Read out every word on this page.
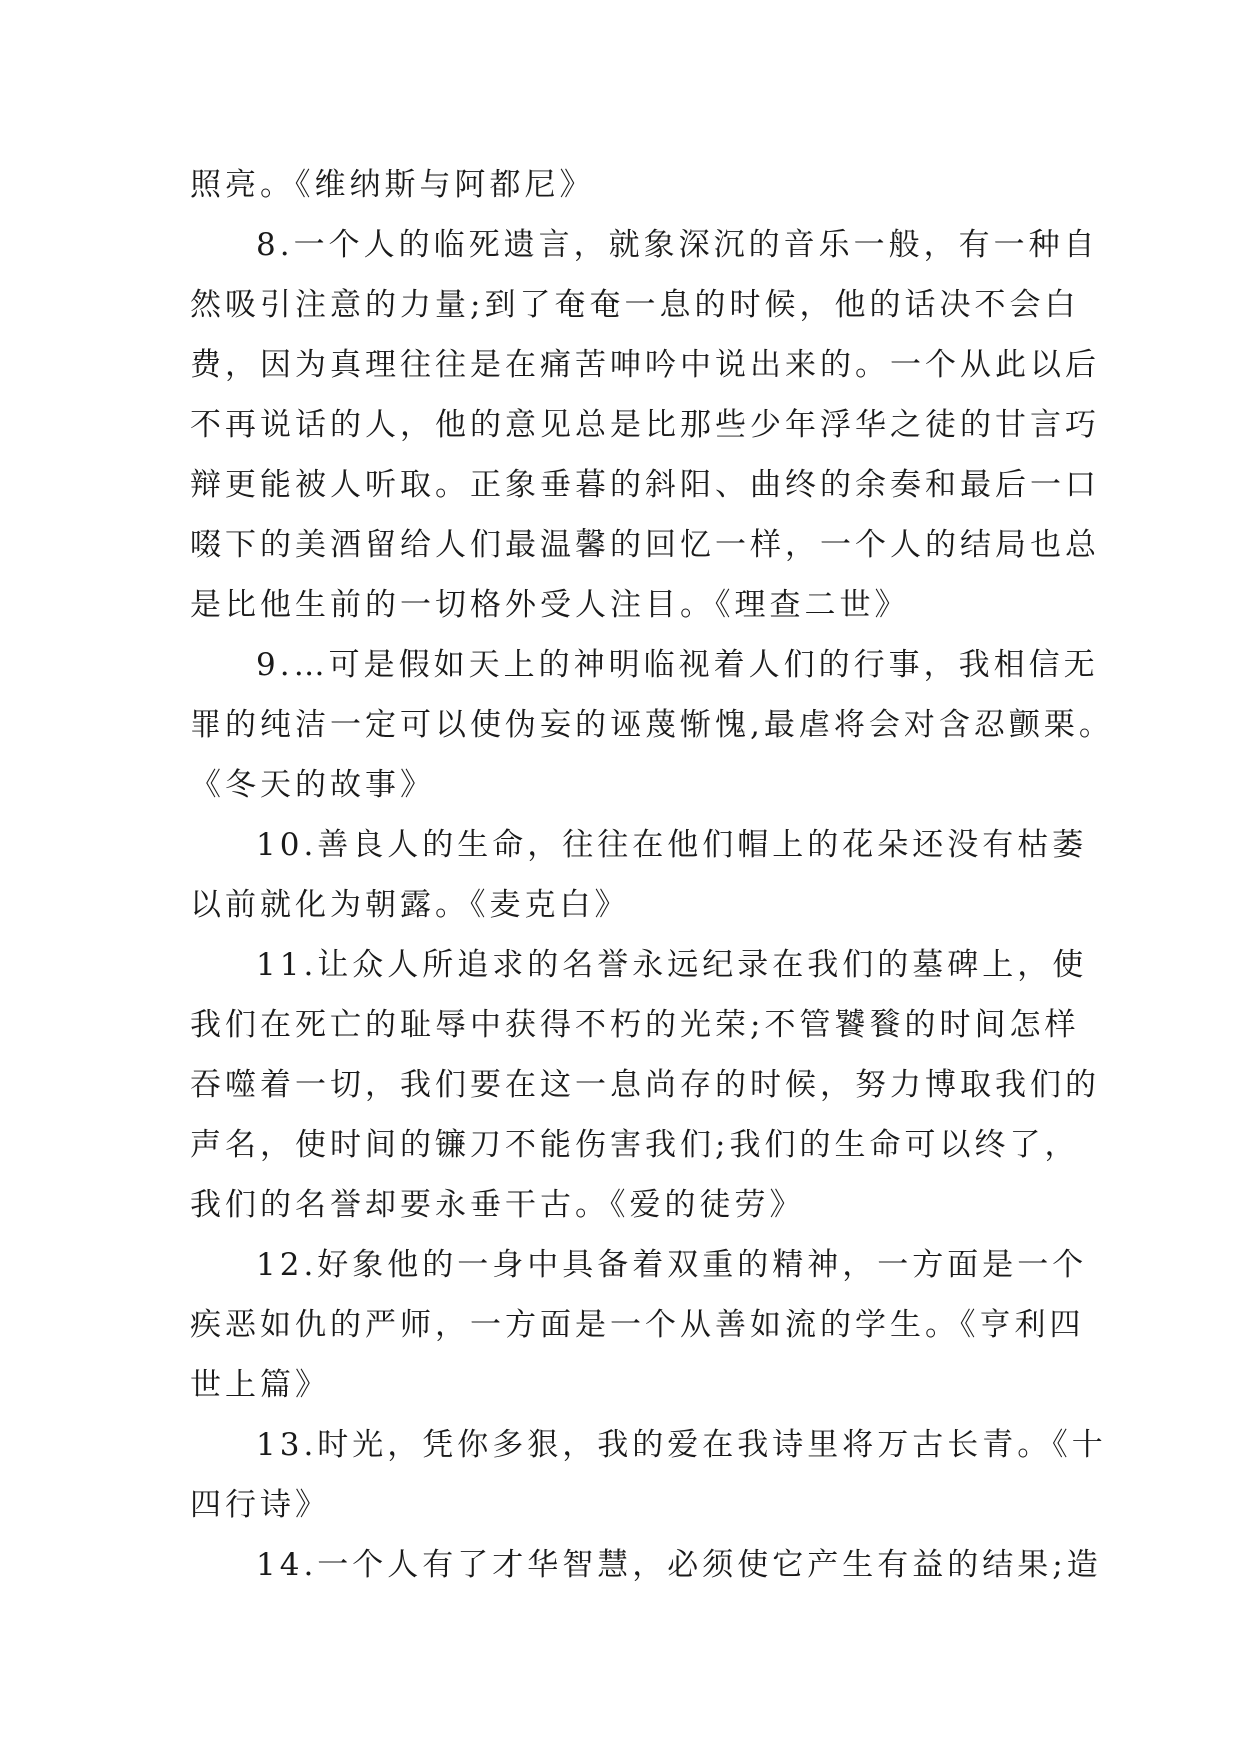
照亮。《维纳斯与阿都尼》
8.一个人的临死遗言，就象深沉的音乐一般，有一种自
然吸引注意的力量;到了奄奄一息的时候，他的话决不会白
费，因为真理往往是在痛苦呻吟中说出来的。一个从此以后
不再说话的人，他的意见总是比那些少年浮华之徒的甘言巧
辩更能被人听取。正象垂暮的斜阳、曲终的余奏和最后一口
啜下的美酒留给人们最温馨的回忆一样，一个人的结局也总
是比他生前的一切格外受人注目。《理查二世》
9.…可是假如天上的神明临视着人们的行事，我相信无
罪的纯洁一定可以使伪妄的诬蔑惭愧,最虐将会对含忍颤栗。
《冬天的故事》
10.善良人的生命，往往在他们帽上的花朵还没有枯萎
以前就化为朝露。《麦克白》
11.让众人所追求的名誉永远纪录在我们的墓碑上，使
我们在死亡的耻辱中获得不朽的光荣;不管饕餮的时间怎样
吞噬着一切，我们要在这一息尚存的时候，努力博取我们的
声名，使时间的镰刀不能伤害我们;我们的生命可以终了，
我们的名誉却要永垂干古。《爱的徒劳》
12.好象他的一身中具备着双重的精神，一方面是一个
疾恶如仇的严师，一方面是一个从善如流的学生。《亨利四
世上篇》
13.时光，凭你多狠，我的爱在我诗里将万古长青。《十
四行诗》
14.一个人有了才华智慧，必须使它产生有益的结果;造
